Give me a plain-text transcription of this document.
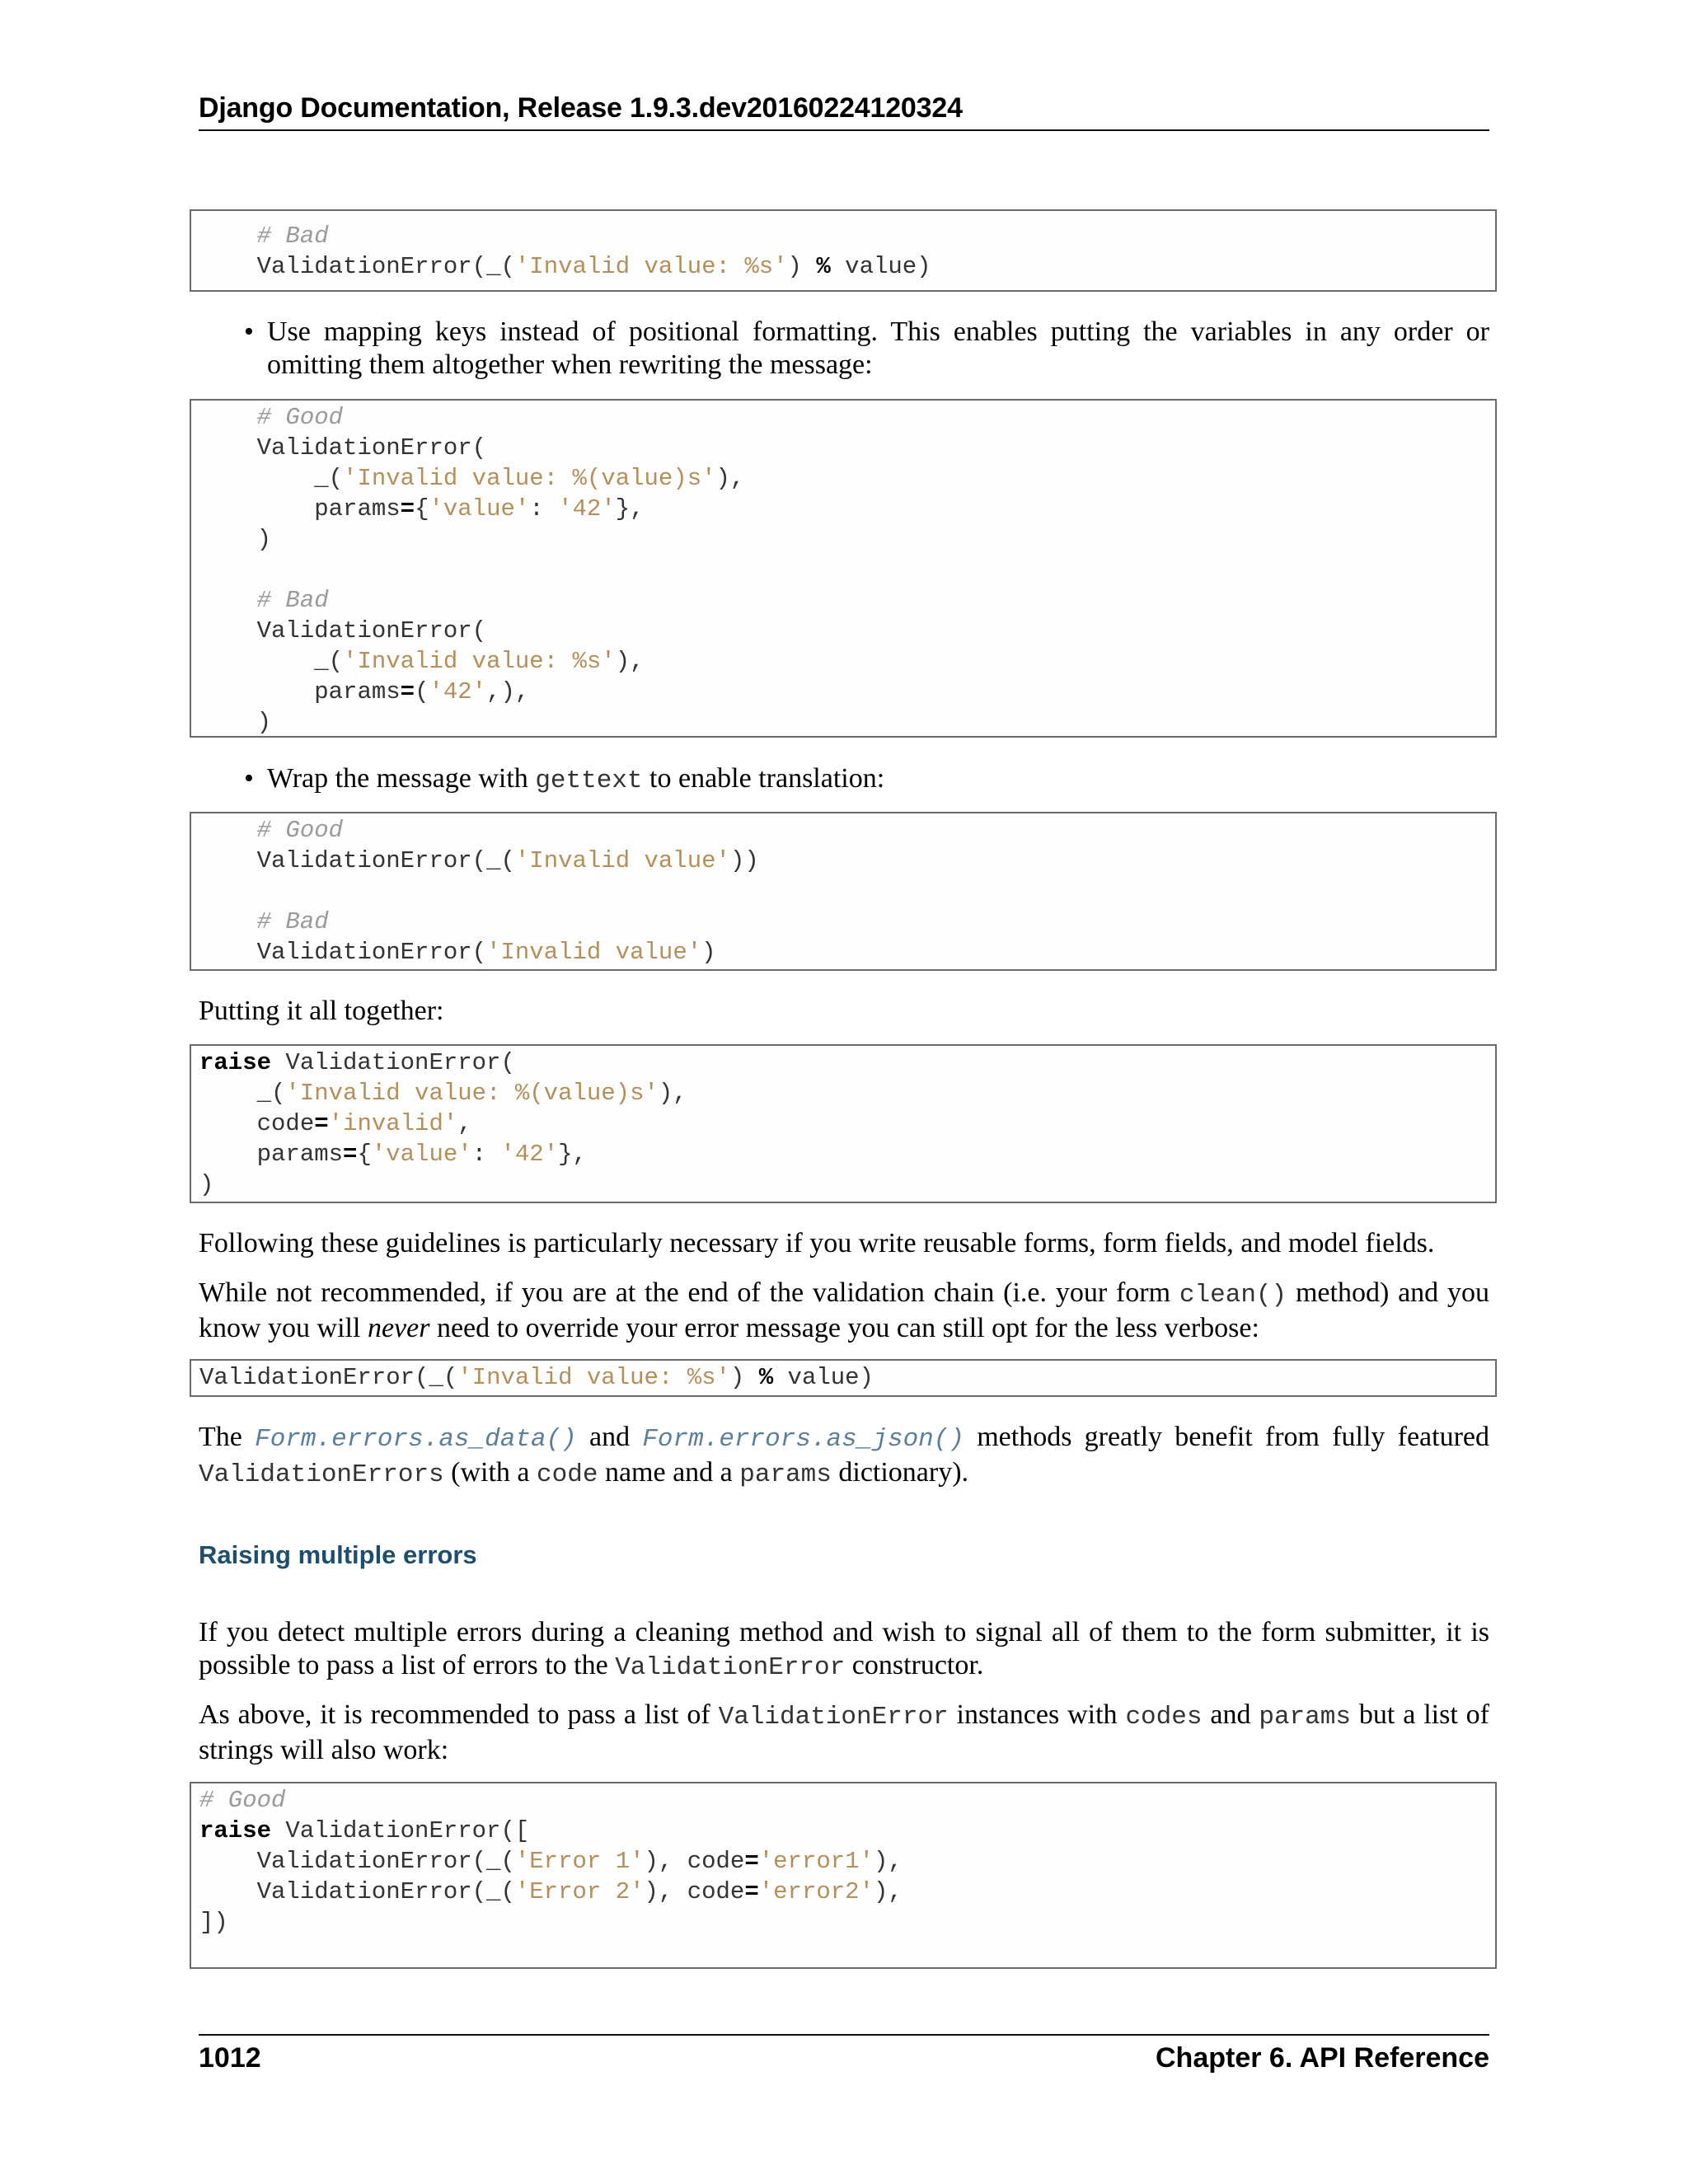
Django Documentation, Release 1.9.3.dev20160224120324
# Bad
ValidationError(_('Invalid value: %s') % value)
• Use mapping keys instead of positional formatting. This enables putting the variables in any order or omitting them altogether when rewriting the message:
# Good
ValidationError(
_('Invalid value: %(value)s'),
params={'value': '42'},
)

# Bad
ValidationError(
_('Invalid value: %s'),
params=('42',),
)
• Wrap the message with gettext to enable translation:
# Good
ValidationError(_('Invalid value'))

# Bad
ValidationError('Invalid value')
Putting it all together:
raise ValidationError(
_('Invalid value: %(value)s'),
code='invalid',
params={'value': '42'},
)
Following these guidelines is particularly necessary if you write reusable forms, form fields, and model fields.
While not recommended, if you are at the end of the validation chain (i.e. your form clean() method) and you know you will never need to override your error message you can still opt for the less verbose:
ValidationError(_('Invalid value: %s') % value)
The Form.errors.as_data() and Form.errors.as_json() methods greatly benefit from fully featured ValidationErrors (with a code name and a params dictionary).
Raising multiple errors
If you detect multiple errors during a cleaning method and wish to signal all of them to the form submitter, it is possible to pass a list of errors to the ValidationError constructor.
As above, it is recommended to pass a list of ValidationError instances with codes and params but a list of strings will also work:
# Good
raise ValidationError([
ValidationError(_('Error 1'), code='error1'),
ValidationError(_('Error 2'), code='error2'),
])
1012	Chapter 6. API Reference
